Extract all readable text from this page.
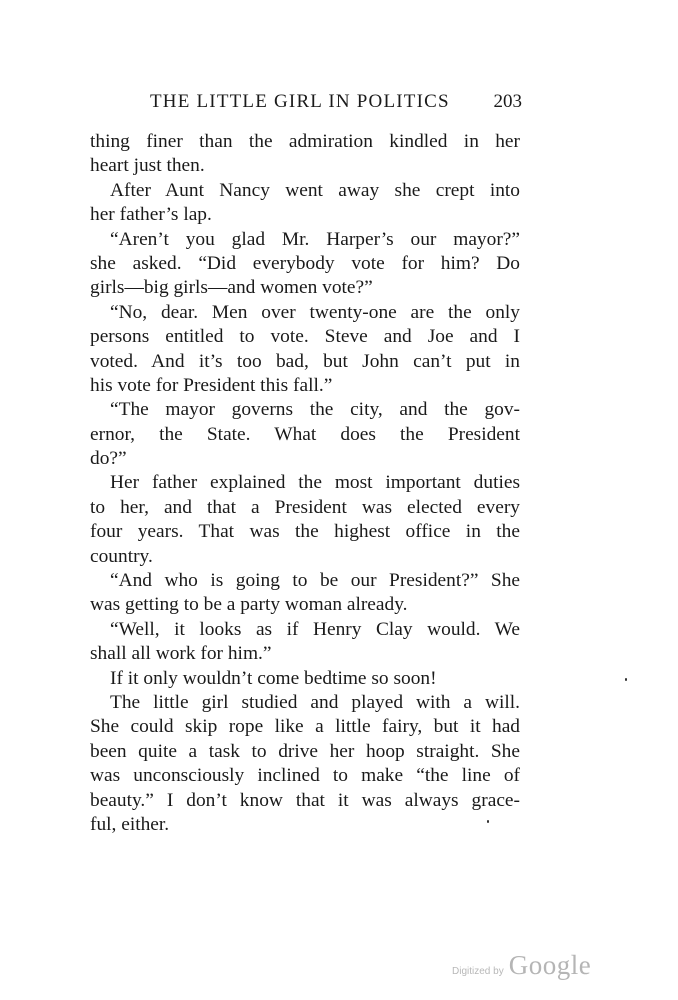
THE LITTLE GIRL IN POLITICS 203
thing finer than the admiration kindled in her
heart just then.
After Aunt Nancy went away she crept into
her father’s lap.
“Aren’t you glad Mr. Harper’s our mayor?”
she asked. “Did everybody vote for him? Do
girls—big girls—and women vote?”
“No, dear. Men over twenty-one are the only
persons entitled to vote. Steve and Joe and I
voted. And it’s too bad, but John can’t put in
his vote for President this fall.”
“The mayor governs the city, and the gov-
ernor, the State. What does the President
do?”
Her father explained the most important duties
to her, and that a President was elected every
four years. That was the highest office in the
country.
“And who is going to be our President?” She
was getting to be a party woman already.
“Well, it looks as if Henry Clay would. We
shall all work for him.”
If it only wouldn’t come bedtime so soon!
The little girl studied and played with a will.
She could skip rope like a little fairy, but it had
been quite a task to drive her hoop straight. She
was unconsciously inclined to make “the line of
beauty.” I don’t know that it was always grace-
ful, either.
Digitized by Google
